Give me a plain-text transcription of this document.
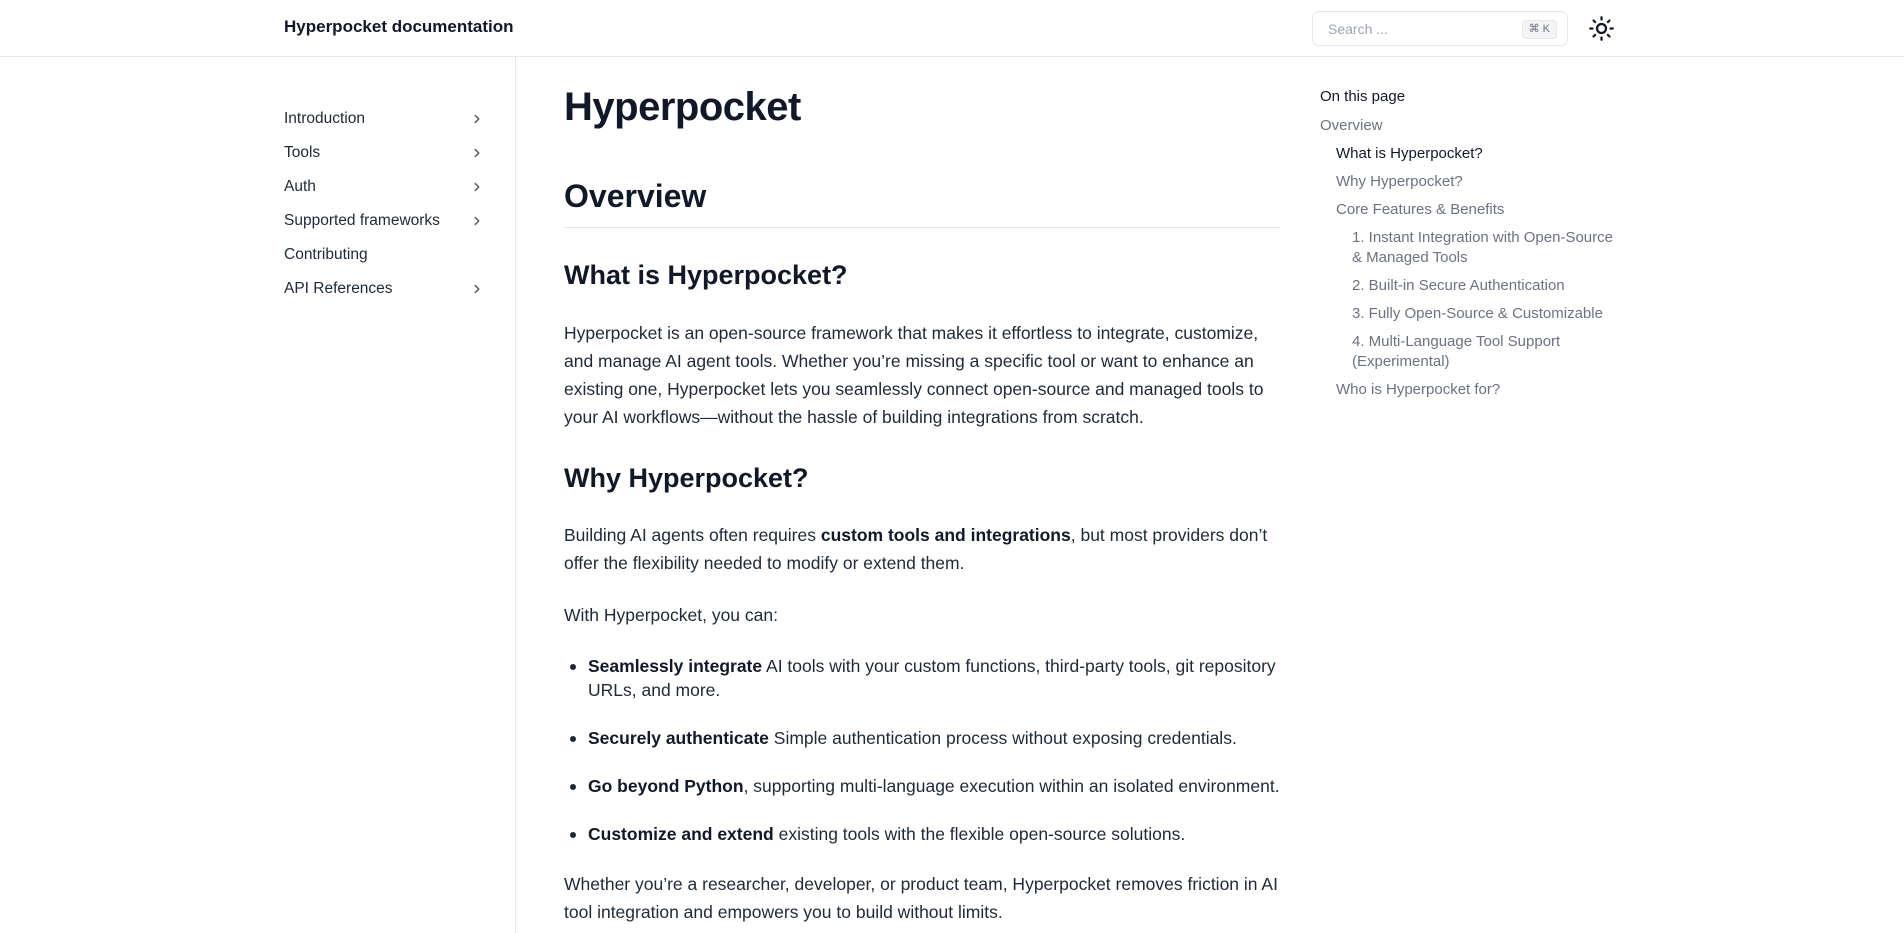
Hyperpocket documentation	Search ...	⌘ K
Introduction
Tools
Auth
Supported frameworks
Contributing
API References
Hyperpocket
Overview
What is Hyperpocket?

Hyperpocket is an open-source framework that makes it effortless to integrate, customize, and manage AI agent tools. Whether you’re missing a specific tool or want to enhance an existing one, Hyperpocket lets you seamlessly connect open-source and managed tools to your AI workflows—without the hassle of building integrations from scratch.

Why Hyperpocket?

Building AI agents often requires custom tools and integrations, but most providers don’t offer the flexibility needed to modify or extend them.

With Hyperpocket, you can:

Seamlessly integrate AI tools with your custom functions, third-party tools, git repository URLs, and more.
Securely authenticate Simple authentication process without exposing credentials.
Go beyond Python, supporting multi-language execution within an isolated environment.
Customize and extend existing tools with the flexible open-source solutions.

Whether you’re a researcher, developer, or product team, Hyperpocket removes friction in AI tool integration and empowers you to build without limits.

On this page
Overview
What is Hyperpocket?
Why Hyperpocket?
Core Features & Benefits
1. Instant Integration with Open-Source & Managed Tools
2. Built-in Secure Authentication
3. Fully Open-Source & Customizable
4. Multi-Language Tool Support (Experimental)
Who is Hyperpocket for?
